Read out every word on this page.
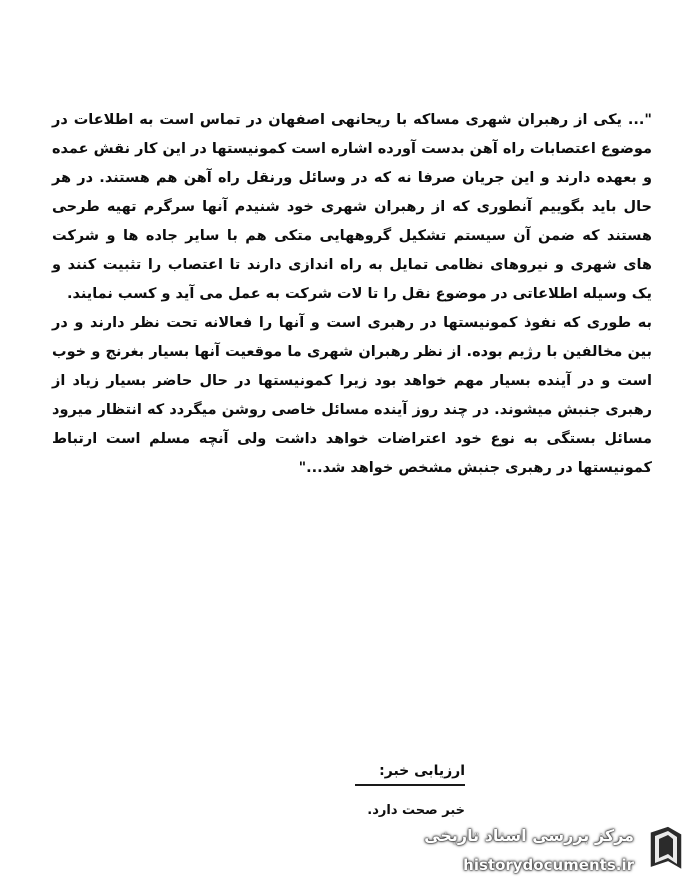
"... یکی از رهبران شهری مساکه با ریحانهی اصفهان در تماس است به اطلاعات در موضوع اعتصابات راه آهن بدست آورده اشاره است کمونیستها در این کار نقش عمده و بعهده دارند و این جریان صرفا نه که در وسائل ورنقل راه آهن هم هستند. در هر حال باید بگوییم آنطوری که از رهبران شهری خود شنیدم آنها سرگرم تهیه طرحی هستند که ضمن آن سیستم تشکیل گروههایی متکی هم با سایر جاده ها و شرکت های شهری و نیروهای نظامی تمایل به راه اندازی دارند تا اعتصاب را تثبیت کنند و یک وسیله اطلاعاتی در موضوع نقل را تا لات شرکت به عمل می آید و کسب نمایند.

به طوری که نفوذ کمونیستها در رهبری است و آنها را فعالانه تحت نظر دارند و در بین مخالفین با رژیم بوده. از نظر رهبران شهری ما موقعیت آنها بسیار بغرنج و خوب است و در آینده بسیار مهم خواهد بود زیرا کمونیستها در حال حاضر بسیار زیاد از رهبری جنبش میشوند. در چند روز آینده مسائل خاصی روشن میگردد که انتظار میرود مسائل بستگی به نوع خود اعتراضات خواهد داشت ولی آنچه مسلم است ارتباط کمونیستها در رهبری جنبش مشخص خواهد شد..."

ارزیابی خبر:
خبر صحت دارد.
مرکز بررسی اسناد تاریخی
historydocuments.ir
